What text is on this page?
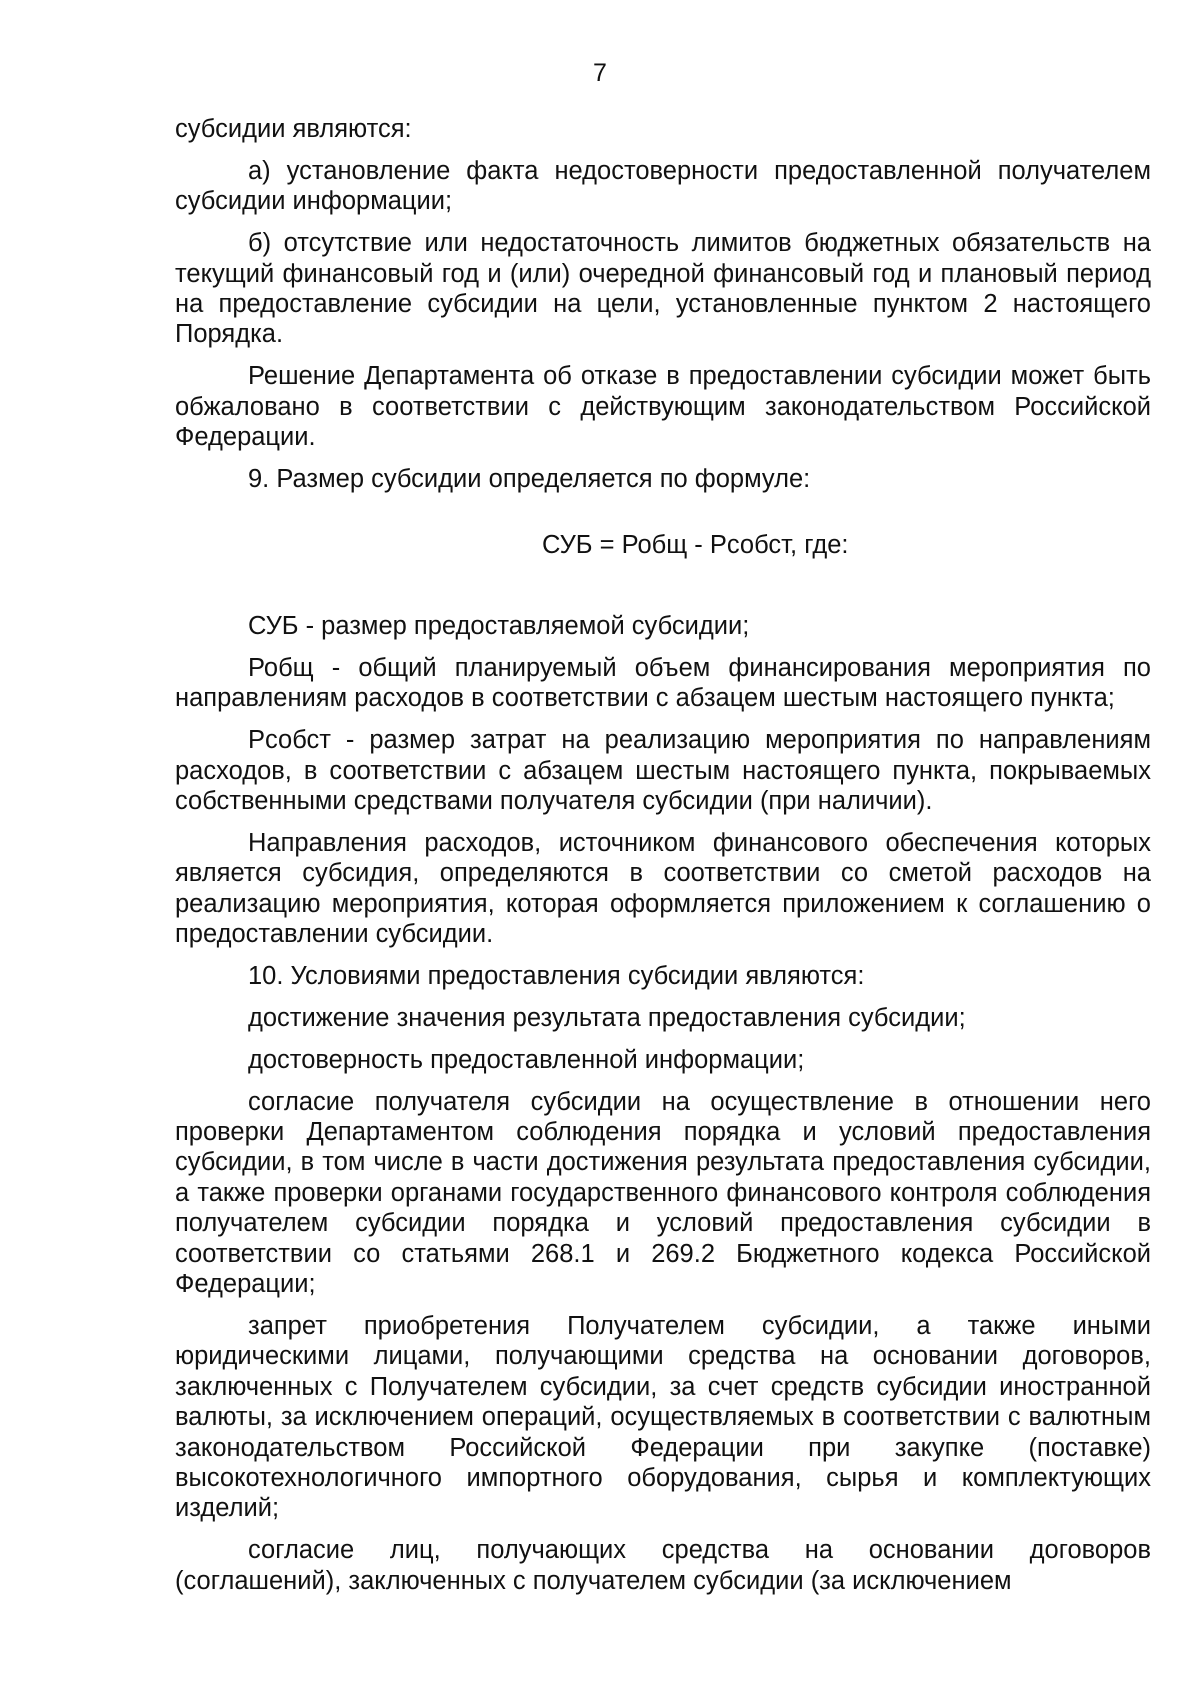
7

субсидии являются:

а) установление факта недостоверности предоставленной получателем субсидии информации;

б) отсутствие или недостаточность лимитов бюджетных обязательств на текущий финансовый год и (или) очередной финансовый год и плановый период на предоставление субсидии на цели, установленные пунктом 2 настоящего Порядка.

Решение Департамента об отказе в предоставлении субсидии может быть обжаловано в соответствии с действующим законодательством Российской Федерации.

9. Размер субсидии определяется по формуле:

СУБ = Робщ - Рсобст, где:

СУБ - размер предоставляемой субсидии;

Робщ - общий планируемый объем финансирования мероприятия по направлениям расходов в соответствии с абзацем шестым настоящего пункта;

Рсобст - размер затрат на реализацию мероприятия по направлениям расходов, в соответствии с абзацем шестым настоящего пункта, покрываемых собственными средствами получателя субсидии (при наличии).

Направления расходов, источником финансового обеспечения которых является субсидия, определяются в соответствии со сметой расходов на реализацию мероприятия, которая оформляется приложением к соглашению о предоставлении субсидии.

10. Условиями предоставления субсидии являются:

достижение значения результата предоставления субсидии;

достоверность предоставленной информации;

согласие получателя субсидии на осуществление в отношении него проверки Департаментом соблюдения порядка и условий предоставления субсидии, в том числе в части достижения результата предоставления субсидии, а также проверки органами государственного финансового контроля соблюдения получателем субсидии порядка и условий предоставления субсидии в соответствии со статьями 268.1 и 269.2 Бюджетного кодекса Российской Федерации;

запрет приобретения Получателем субсидии, а также иными юридическими лицами, получающими средства на основании договоров, заключенных с Получателем субсидии, за счет средств субсидии иностранной валюты, за исключением операций, осуществляемых в соответствии с валютным законодательством Российской Федерации при закупке (поставке) высокотехнологичного импортного оборудования, сырья и комплектующих изделий;

согласие лиц, получающих средства на основании договоров (соглашений), заключенных с получателем субсидии (за исключением
